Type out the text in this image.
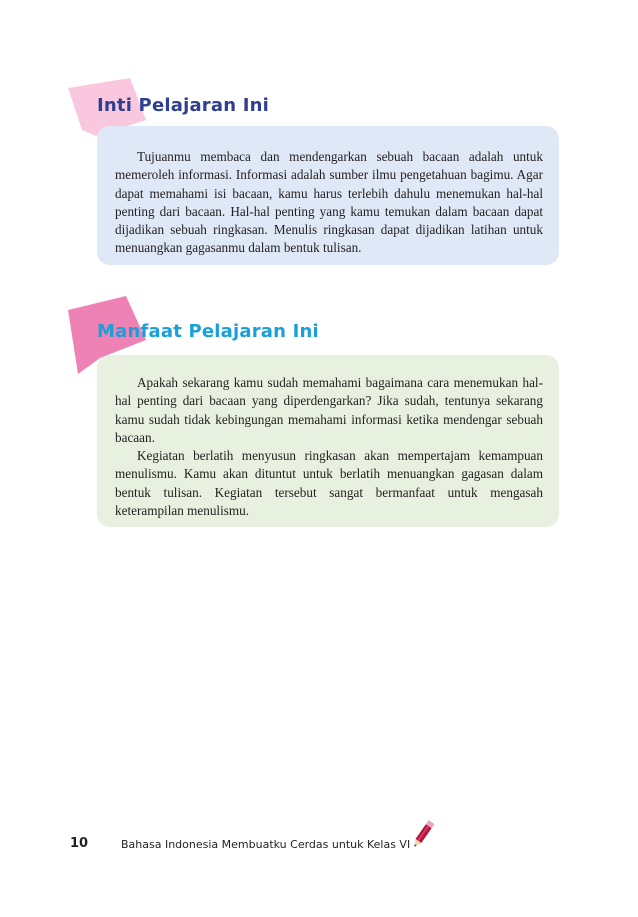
Inti Pelajaran Ini

Tujuanmu membaca dan mendengarkan sebuah bacaan adalah untuk memeroleh informasi. Informasi adalah sumber ilmu pengetahuan bagimu. Agar dapat memahami isi bacaan, kamu harus terlebih dahulu menemukan hal-hal penting dari bacaan. Hal-hal penting yang kamu temukan dalam bacaan dapat dijadikan sebuah ringkasan. Menulis ringkasan dapat dijadikan latihan untuk menuangkan gagasanmu dalam bentuk tulisan.

Manfaat Pelajaran Ini

Apakah sekarang kamu sudah memahami bagaimana cara menemukan hal-hal penting dari bacaan yang diperdengarkan? Jika sudah, tentunya sekarang kamu sudah tidak kebingungan memahami informasi ketika mendengar sebuah bacaan.

Kegiatan berlatih menyusun ringkasan akan mempertajam kemampuan menulismu. Kamu akan dituntut untuk berlatih menuangkan gagasan dalam bentuk tulisan. Kegiatan tersebut sangat bermanfaat untuk mengasah keterampilan menulismu.

10	Bahasa Indonesia Membuatku Cerdas untuk Kelas VI
